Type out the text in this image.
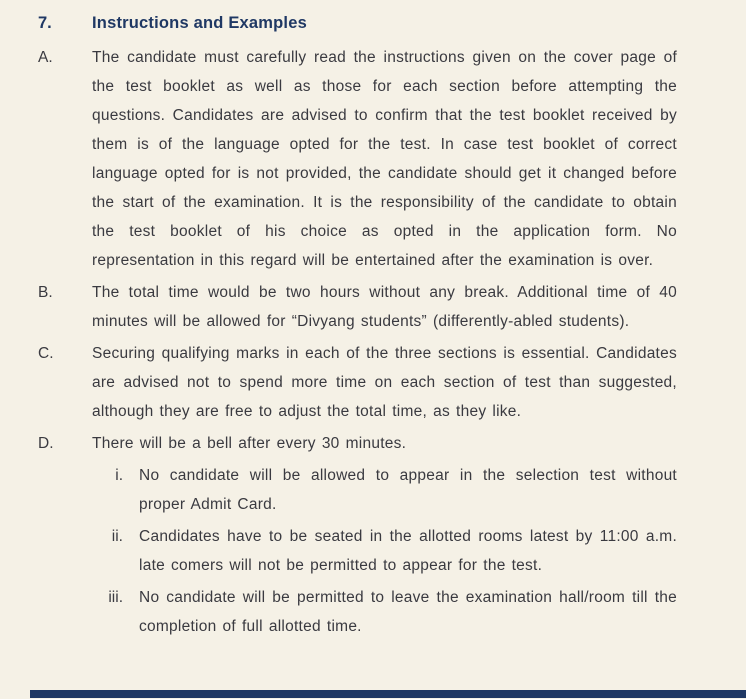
7.	Instructions and Examples
A.	The candidate must carefully read the instructions given on the cover page of the test booklet as well as those for each section before attempting the questions. Candidates are advised to confirm that the test booklet received by them is of the language opted for the test. In case test booklet of correct language opted for is not provided, the candidate should get it changed before the start of the examination. It is the responsibility of the candidate to obtain the test booklet of his choice as opted in the application form. No representation in this regard will be entertained after the examination is over.

B.	The total time would be two hours without any break. Additional time of 40 minutes will be allowed for “Divyang students” (differently-abled students).

C.	Securing qualifying marks in each of the three sections is essential. Candidates are advised not to spend more time on each section of test than suggested, although they are free to adjust the total time, as they like.

D.	There will be a bell after every 30 minutes.

i. No candidate will be allowed to appear in the selection test without proper Admit Card.

ii. Candidates have to be seated in the allotted rooms latest by 11:00 a.m. late comers will not be permitted to appear for the test.

iii. No candidate will be permitted to leave the examination hall/room till the completion of full allotted time.
